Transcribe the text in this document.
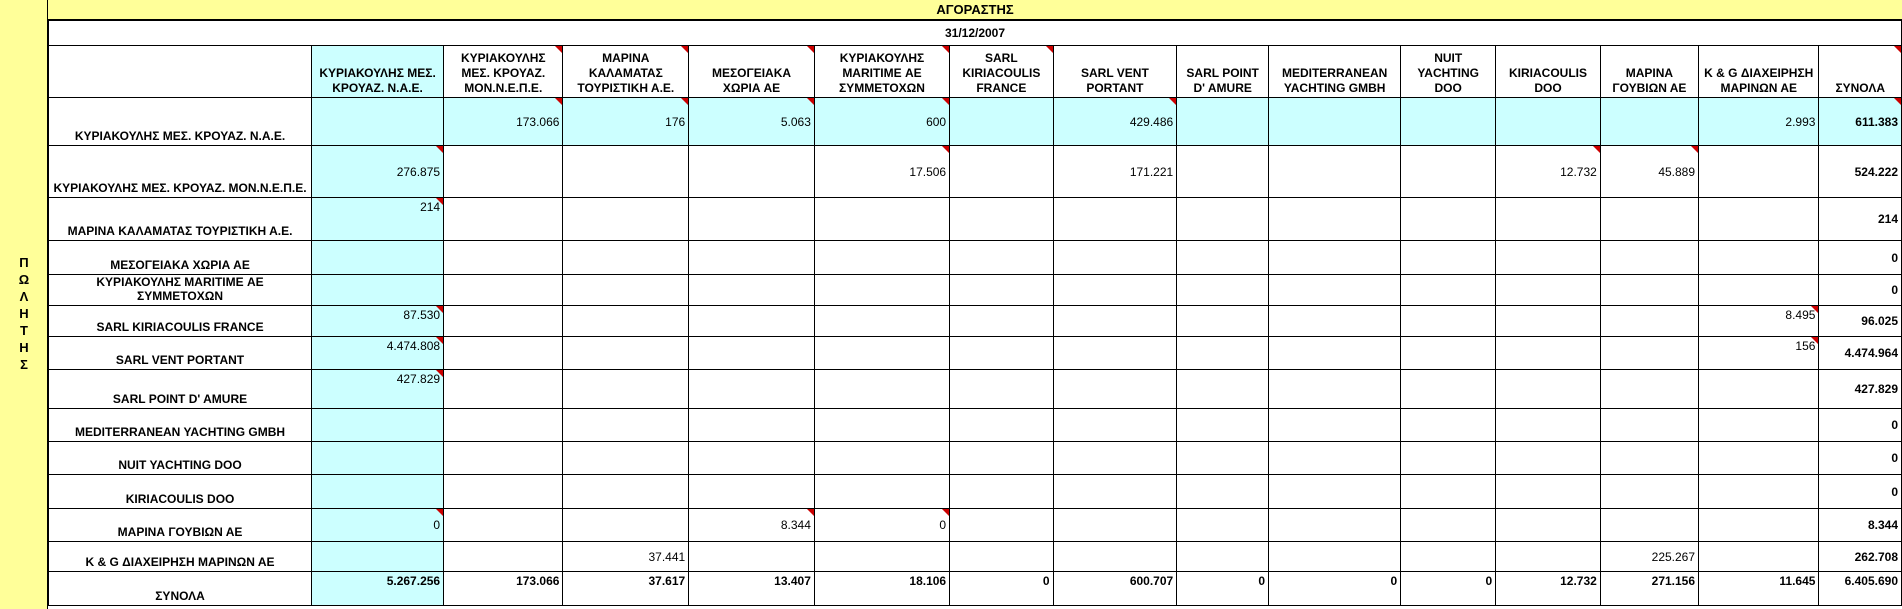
Π
Ω
Λ
Η
Τ
Η
Σ
ΑΓΟΡΑΣΤΗΣ
31/12/2007														
	ΚΥΡΙΑΚΟΥΛΗΣ ΜΕΣ. ΚΡΟΥΑΖ. Ν.Α.Ε.	ΚΥΡΙΑΚΟΥΛΗΣ ΜΕΣ. ΚΡΟΥΑΖ. ΜΟΝ.Ν.Ε.Π.Ε.	ΜΑΡΙΝΑ ΚΑΛΑΜΑΤΑΣ ΤΟΥΡΙΣΤΙΚΗ Α.Ε.	ΜΕΣΟΓΕΙΑΚΑ ΧΩΡΙΑ ΑΕ	ΚΥΡΙΑΚΟΥΛΗΣ MARITIME ΑΕ ΣΥΜΜΕΤΟΧΩΝ	SARL KIRIACOULIS FRANCE	SARL VENT PORTANT	SARL POINT D' AMURE	MEDITERRANEAN YACHTING GMBH	NUIT YACHTING DOO	KIRIACOULIS DOO	ΜΑΡΙΝΑ ΓΟΥΒΙΩΝ ΑΕ	Κ & G ΔΙΑΧΕΙΡΗΣΗ ΜΑΡΙΝΩΝ ΑΕ	ΣΥΝΟΛΑ
ΚΥΡΙΑΚΟΥΛΗΣ ΜΕΣ. ΚΡΟΥΑΖ. Ν.Α.Ε.		173.066	176	5.063	600		429.486						2.993	611.383
ΚΥΡΙΑΚΟΥΛΗΣ ΜΕΣ. ΚΡΟΥΑΖ. ΜΟΝ.Ν.Ε.Π.Ε.	276.875				17.506		171.221				12.732	45.889		524.222
ΜΑΡΙΝΑ ΚΑΛΑΜΑΤΑΣ ΤΟΥΡΙΣΤΙΚΗ Α.Ε.	214													214
ΜΕΣΟΓΕΙΑΚΑ ΧΩΡΙΑ ΑΕ														0
ΚΥΡΙΑΚΟΥΛΗΣ MARITIME ΑΕ ΣΥΜΜΕΤΟΧΩΝ														0
SARL KIRIACOULIS FRANCE	87.530												8.495	96.025
SARL VENT PORTANT	4.474.808												156	4.474.964
SARL POINT D' AMURE	427.829													427.829
MEDITERRANEAN YACHTING GMBH														0
NUIT YACHTING DOO														0
KIRIACOULIS DOO														0
ΜΑΡΙΝΑ ΓΟΥΒΙΩΝ ΑΕ	0			8.344	0									8.344
Κ & G ΔΙΑΧΕΙΡΗΣΗ ΜΑΡΙΝΩΝ ΑΕ			37.441									225.267		262.708
ΣΥΝΟΛΑ	5.267.256	173.066	37.617	13.407	18.106	0	600.707	0	0	0	12.732	271.156	11.645	6.405.690
